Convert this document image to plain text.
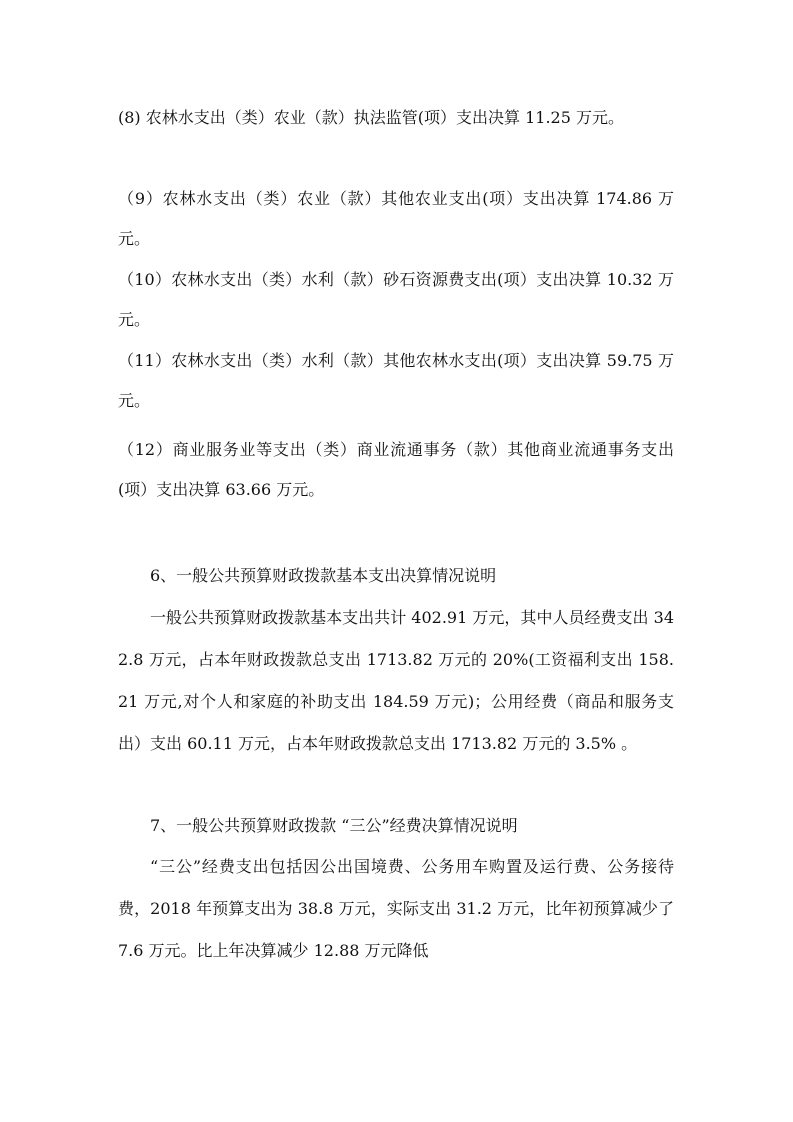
(8) 农林水支出（类）农业（款）执法监管(项）支出决算 11.25 万元。

（9）农林水支出（类）农业（款）其他农业支出(项）支出决算 174.86 万元。

（10）农林水支出（类）水利（款）砂石资源费支出(项）支出决算 10.32 万元。

（11）农林水支出（类）水利（款）其他农林水支出(项）支出决算 59.75 万元。

（12）商业服务业等支出（类）商业流通事务（款）其他商业流通事务支出(项）支出决算 63.66 万元。

6、一般公共预算财政拨款基本支出决算情况说明

一般公共预算财政拨款基本支出共计 402.91 万元，其中人员经费支出 342.8 万元，占本年财政拨款总支出 1713.82 万元的 20%(工资福利支出 158.21 万元,对个人和家庭的补助支出 184.59 万元)；公用经费（商品和服务支出）支出 60.11 万元，占本年财政拨款总支出 1713.82 万元的 3.5% 。

7、一般公共预算财政拨款 “三公”经费决算情况说明

“三公”经费支出包括因公出国境费、公务用车购置及运行费、公务接待费，2018 年预算支出为 38.8 万元，实际支出 31.2 万元，比年初预算减少了 7.6 万元。比上年决算减少 12.88 万元降低
